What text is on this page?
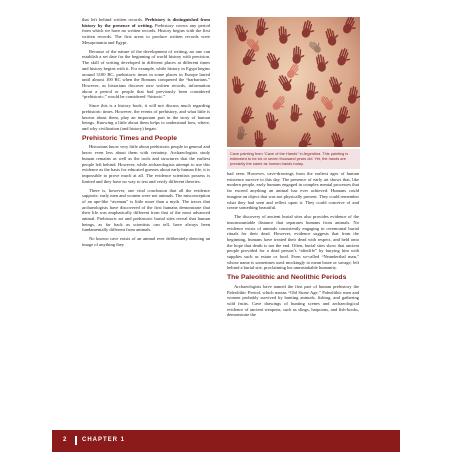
that left behind written records. Prehistory is distinguished from history by the presence of writing. Prehistory covers any period from which we have no written records. History begins with the first written records. The first areas to produce written records were Mesopotamia and Egypt.

Because of the nature of the development of writing, no one can establish a set date for the beginning of world history with precision. The skill of writing developed in different places at different times and history begins with it. For example, while history in Egypt begins around 3100 BC, prehistoric times in some places in Europe lasted until almost 100 BC when the Romans conquered the “barbarians.” However, as historians discover new written records, information about a period or people that had previously been considered “prehistoric,” would be considered “historic.”

Since this is a history book, it will not discuss much regarding prehistoric times. However, the events of prehistory, and what little is known about them, play an important part in the story of human beings. Knowing a little about them helps to understand how, where, and why civilization (and history) began.

Prehistoric Times and People

Historians know very little about prehistoric people in general and know even less about them with certainty. Archaeologists study human remains as well as the tools and structures that the earliest people left behind. However, while archaeologists attempt to use this evidence as the basis for educated guesses about early human life, it is impossible to prove much at all. The evidence scientists possess is limited and they have no way to test and verify different theories.

There is, however, one vital conclusion that all the evidence supports: early men and women were not animals. The misconception of an ape-like “aveman” is little more than a myth. The traces that archaeologists have discovered of the first humans demonstrate that their life was emphatically different from that of the most advanced animal. Prehistoric art and prehistoric burial sites reveal that human beings, as far back as scientists can tell, have always been fundamentally different from animals.

No known cave exists of an animal ever deliberately drawing an image of anything they

Cave painting from “Cave of the Hands” in Argentina. This painting is estimated to be six or seven thousand years old. Yet, the hands are precisely the same as human hands today.

had seen. However, cave-drawings from the earliest ages of human existence survive to this day. The presence of early art shows that, like modern people, early humans engaged in complex mental processes that far exceed anything an animal has ever achieved. Humans could imagine an object that was not physically present. They could remember what they had seen and reflect upon it. They could conceive of and create something beautiful.

The discovery of ancient burial sites also provides evidence of the insurmountable distance that separates humans from animals. No evidence exists of animals consistently engaging in ceremonial burial rituals for their dead. However, evidence suggests that from the beginning, humans have treated their dead with respect, and held onto the hope that death is not the end. Often, burial sites show that ancient people provided for a dead person’s “afterlife” by burying him with supplies such as estate or food. Even so-called “Neanderthal man,” whose name is sometimes used mockingly to mean brute or savage, left behind a burial site, proclaiming his unmistakable humanity.

The Paleolithic and Neolithic Periods

Archaeologists have named the first part of human prehistory the Paleolithic Period, which means “Old Stone Age.” Paleolithic men and women probably survived by hunting animals, fishing, and gathering wild fruits. Cave drawings of hunting scenes and archaeological evidence of ancient weapons, such as slings, harpoons, and fish-hooks, demonstrate the

2	CHAPTER 1
